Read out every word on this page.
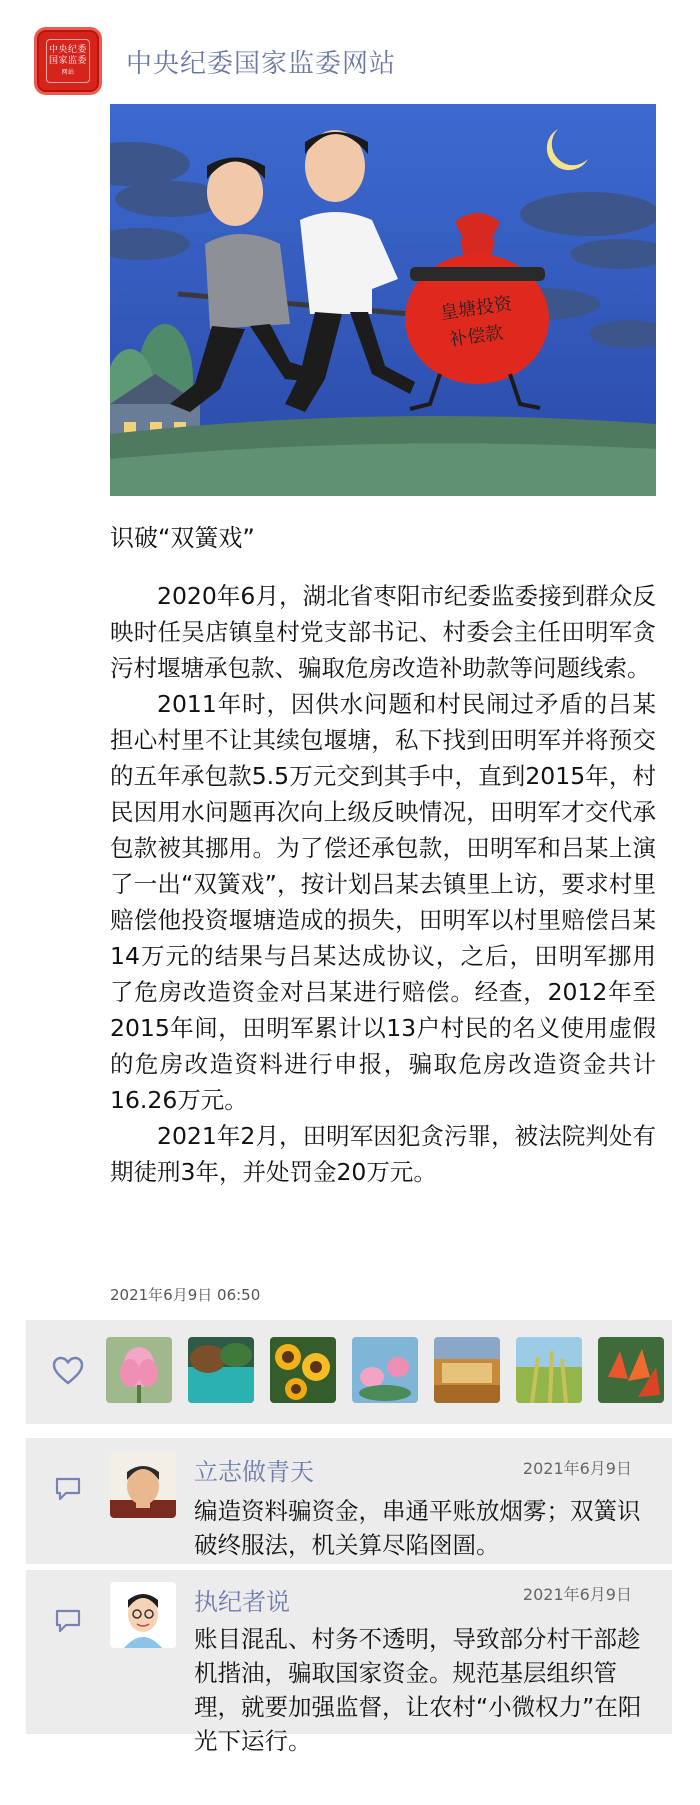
中央纪委
国家监委
网站 中央纪委国家监委网站
皇塘投资
补偿款
识破“双簧戏”

2020年6月，湖北省枣阳市纪委监委接到群众反映时任吴店镇皇村党支部书记、村委会主任田明军贪污村堰塘承包款、骗取危房改造补助款等问题线索。

2011年时，因供水问题和村民闹过矛盾的吕某担心村里不让其续包堰塘，私下找到田明军并将预交的五年承包款5.5万元交到其手中，直到2015年，村民因用水问题再次向上级反映情况，田明军才交代承包款被其挪用。为了偿还承包款，田明军和吕某上演了一出“双簧戏”，按计划吕某去镇里上访，要求村里赔偿他投资堰塘造成的损失，田明军以村里赔偿吕某14万元的结果与吕某达成协议，之后，田明军挪用了危房改造资金对吕某进行赔偿。经查，2012年至2015年间，田明军累计以13户村民的名义使用虚假的危房改造资料进行申报，骗取危房改造资金共计16.26万元。

2021年2月，田明军因犯贪污罪，被法院判处有期徒刑3年，并处罚金20万元。

2021年6月9日 06:50
立志做青天	2021年6月9日
编造资料骗资金，串通平账放烟雾；双簧识破终服法，机关算尽陷囹圄。
执纪者说	2021年6月9日
账目混乱、村务不透明，导致部分村干部趁机揩油，骗取国家资金。规范基层组织管理，就要加强监督，让农村“小微权力”在阳光下运行。
